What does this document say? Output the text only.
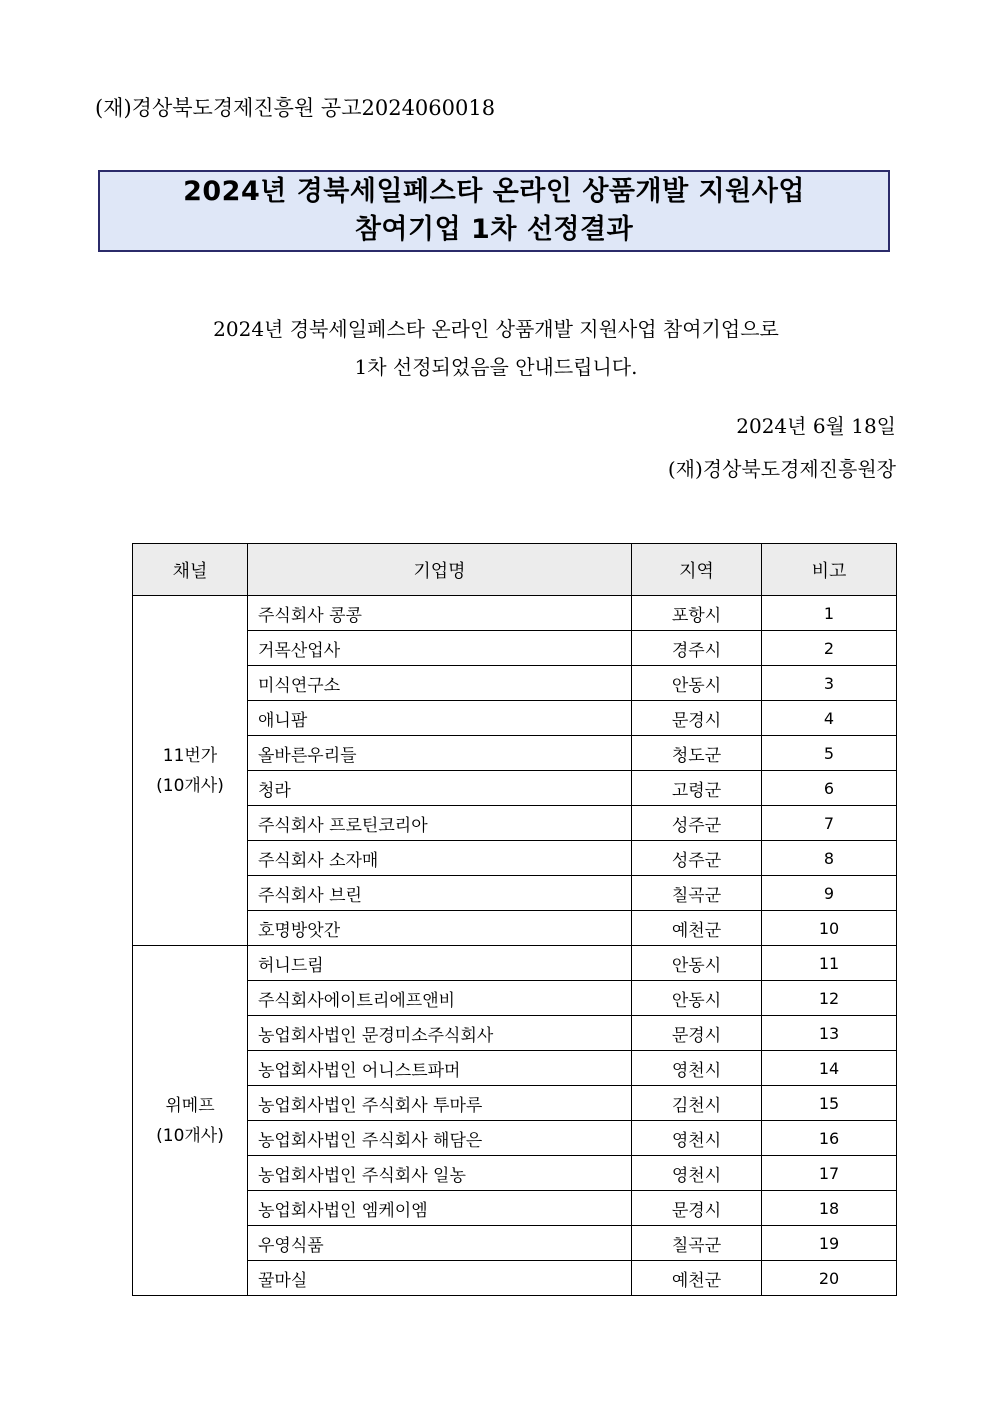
(재)경상북도경제진흥원 공고2024060018
2024년 경북세일페스타 온라인 상품개발 지원사업
참여기업 1차 선정결과
2024년 경북세일페스타 온라인 상품개발 지원사업 참여기업으로
1차 선정되었음을 안내드립니다.
2024년 6월 18일
(재)경상북도경제진흥원장
채널	기업명	지역	비고

11번가
(10개사)	주식회사 콩콩	포항시	1
	거목산업사	경주시	2
	미식연구소	안동시	3
	애니팜	문경시	4
	올바른우리들	청도군	5
	청라	고령군	6
	주식회사 프로틴코리아	성주군	7
	주식회사 소자매	성주군	8
	주식회사 브린	칠곡군	9
	호명방앗간	예천군	10

위메프
(10개사)	허니드림	안동시	11
	주식회사에이트리에프앤비	안동시	12
	농업회사법인 문경미소주식회사	문경시	13
	농업회사법인 어니스트파머	영천시	14
	농업회사법인 주식회사 투마루	김천시	15
	농업회사법인 주식회사 해담은	영천시	16
	농업회사법인 주식회사 일농	영천시	17
	농업회사법인 엠케이엠	문경시	18
	우영식품	칠곡군	19
	꿀마실	예천군	20
